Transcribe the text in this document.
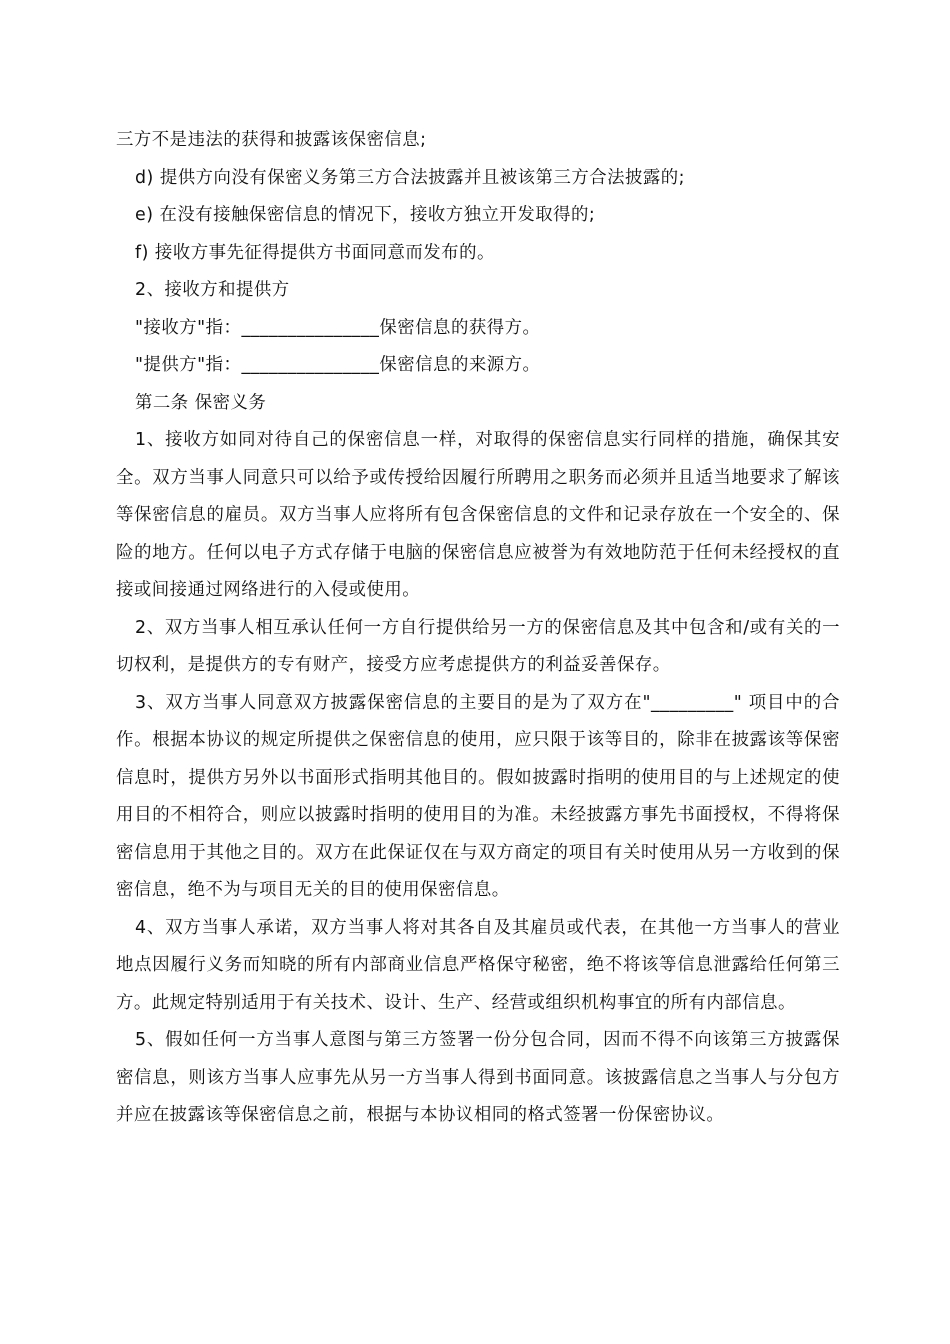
三方不是违法的获得和披露该保密信息;

d) 提供方向没有保密义务第三方合法披露并且被该第三方合法披露的;

e) 在没有接触保密信息的情况下，接收方独立开发取得的;

f) 接收方事先征得提供方书面同意而发布的。

2、接收方和提供方

"接收方"指：_______________保密信息的获得方。

"提供方"指：_______________保密信息的来源方。

第二条 保密义务

1、接收方如同对待自己的保密信息一样，对取得的保密信息实行同样的措施，确保其安全。双方当事人同意只可以给予或传授给因履行所聘用之职务而必须并且适当地要求了解该等保密信息的雇员。双方当事人应将所有包含保密信息的文件和记录存放在一个安全的、保险的地方。任何以电子方式存储于电脑的保密信息应被誉为有效地防范于任何未经授权的直接或间接通过网络进行的入侵或使用。

2、双方当事人相互承认任何一方自行提供给另一方的保密信息及其中包含和/或有关的一切权利，是提供方的专有财产，接受方应考虑提供方的利益妥善保存。

3、双方当事人同意双方披露保密信息的主要目的是为了双方在"_________" 项目中的合作。根据本协议的规定所提供之保密信息的使用，应只限于该等目的，除非在披露该等保密信息时，提供方另外以书面形式指明其他目的。假如披露时指明的使用目的与上述规定的使用目的不相符合，则应以披露时指明的使用目的为准。未经披露方事先书面授权，不得将保密信息用于其他之目的。双方在此保证仅在与双方商定的项目有关时使用从另一方收到的保密信息，绝不为与项目无关的目的使用保密信息。

4、双方当事人承诺，双方当事人将对其各自及其雇员或代表，在其他一方当事人的营业地点因履行义务而知晓的所有内部商业信息严格保守秘密，绝不将该等信息泄露给任何第三方。此规定特别适用于有关技术、设计、生产、经营或组织机构事宜的所有内部信息。

5、假如任何一方当事人意图与第三方签署一份分包合同，因而不得不向该第三方披露保密信息，则该方当事人应事先从另一方当事人得到书面同意。该披露信息之当事人与分包方并应在披露该等保密信息之前，根据与本协议相同的格式签署一份保密协议。
